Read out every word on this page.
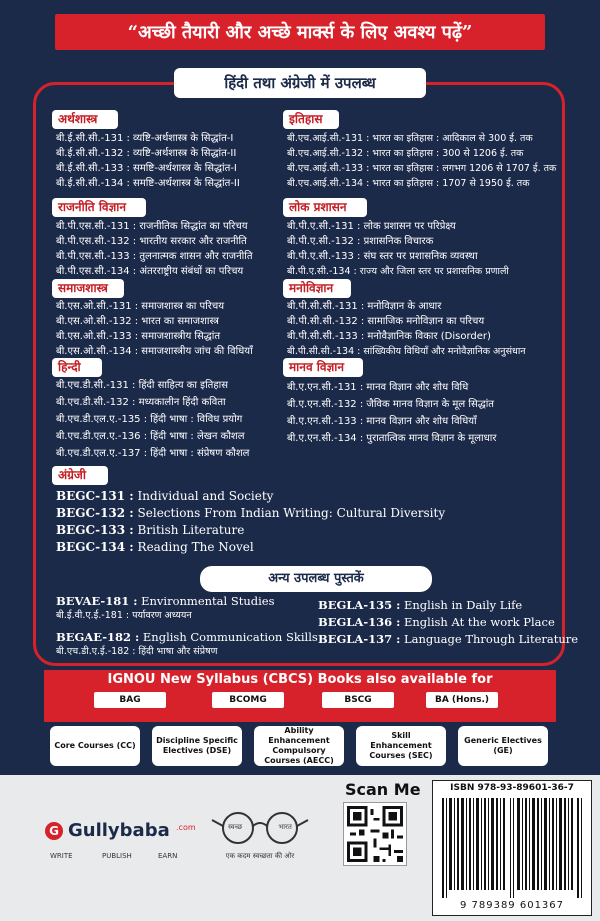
“अच्छी तैयारी और अच्छे मार्क्स के लिए अवश्य पढ़ें”
हिंदी तथा अंग्रेजी में उपलब्ध
अर्थशास्त्र
बी.ई.सी.सी.-131 : व्यष्टि-अर्थशास्त्र के सिद्धांत-I
बी.ई.सी.सी.-132 : व्यष्टि-अर्थशास्त्र के सिद्धांत-II
बी.ई.सी.सी.-133 : समष्टि-अर्थशास्त्र के सिद्धांत-I
बी.ई.सी.सी.-134 : समष्टि-अर्थशास्त्र के सिद्धांत-II
इतिहास
बी.एच.आई.सी.-131 : भारत का इतिहास : आदिकाल से 300 ई. तक
बी.एच.आई.सी.-132 : भारत का इतिहास : 300 से 1206 ई. तक
बी.एच.आई.सी.-133 : भारत का इतिहास : लगभग 1206 से 1707 ई. तक
बी.एच.आई.सी.-134 : भारत का इतिहास : 1707 से 1950 ई. तक
राजनीति विज्ञान
बी.पी.एस.सी.-131 : राजनीतिक सिद्धांत का परिचय
बी.पी.एस.सी.-132 : भारतीय सरकार और राजनीति
बी.पी.एस.सी.-133 : तुलनात्मक शासन और राजनीति
बी.पी.एस.सी.-134 : अंतरराष्ट्रीय संबंधों का परिचय
लोक प्रशासन
बी.पी.ए.सी.-131 : लोक प्रशासन पर परिप्रेक्ष्य
बी.पी.ए.सी.-132 : प्रशासनिक विचारक
बी.पी.ए.सी.-133 : संघ स्तर पर प्रशासनिक व्यवस्था
बी.पी.ए.सी.-134 : राज्य और जिला स्तर पर प्रशासनिक प्रणाली
समाजशास्त्र
बी.एस.ओ.सी.-131 : समाजशास्त्र का परिचय
बी.एस.ओ.सी.-132 : भारत का समाजशास्त्र
बी.एस.ओ.सी.-133 : समाजशास्त्रीय सिद्धांत
बी.एस.ओ.सी.-134 : समाजशास्त्रीय जांच की विधियाँ
मनोविज्ञान
बी.पी.सी.सी.-131 : मनोविज्ञान के आधार
बी.पी.सी.सी.-132 : सामाजिक मनोविज्ञान का परिचय
बी.पी.सी.सी.-133 : मनोवैज्ञानिक विकार (Disorder)
बी.पी.सी.सी.-134 : सांख्यिकीय विधियाँ और मनोवैज्ञानिक अनुसंधान
हिन्दी
बी.एच.डी.सी.-131 : हिंदी साहित्य का इतिहास
बी.एच.डी.सी.-132 : मध्यकालीन हिंदी कविता
बी.एच.डी.एल.ए.-135 : हिंदी भाषा : विविध प्रयोग
बी.एच.डी.एल.ए.-136 : हिंदी भाषा : लेखन कौशल
बी.एच.डी.एल.ए.-137 : हिंदी भाषा : संप्रेषण कौशल
मानव विज्ञान
बी.ए.एन.सी.-131 : मानव विज्ञान और शोध विधि
बी.ए.एन.सी.-132 : जैविक मानव विज्ञान के मूल सिद्धांत
बी.ए.एन.सी.-133 : मानव विज्ञान और शोध विधियाँ
बी.ए.एन.सी.-134 : पुरातात्विक मानव विज्ञान के मूलाधार
अंग्रेजी
BEGC-131 : Individual and Society
BEGC-132 : Selections From Indian Writing: Cultural Diversity
BEGC-133 : British Literature
BEGC-134 : Reading The Novel
अन्य उपलब्ध पुस्तकें
BEVAE-181 : Environmental Studies
बी.ई.वी.ए.ई.-181 : पर्यावरण अध्ययन
BEGAE-182 : English Communication Skills
बी.एच.डी.ए.ई.-182 : हिंदी भाषा और संप्रेषण
BEGLA-135 : English in Daily Life
BEGLA-136 : English At the work Place
BEGLA-137 : Language Through Literature
IGNOU New Syllabus (CBCS) Books also available for
BAG	BCOMG	BSCG	BA (Hons.)
Core Courses (CC)
Discipline Specific Electives (DSE)
Ability Enhancement Compulsory Courses (AECC)
Skill Enhancement Courses (SEC)
Generic Electives (GE)
G Gullybaba .com
WRITE	PUBLISH	EARN
स्वच्छ	भारत
एक कदम स्वच्छता की ओर
Scan Me	ISBN 978-93-89601-36-7
9 789389 601367
